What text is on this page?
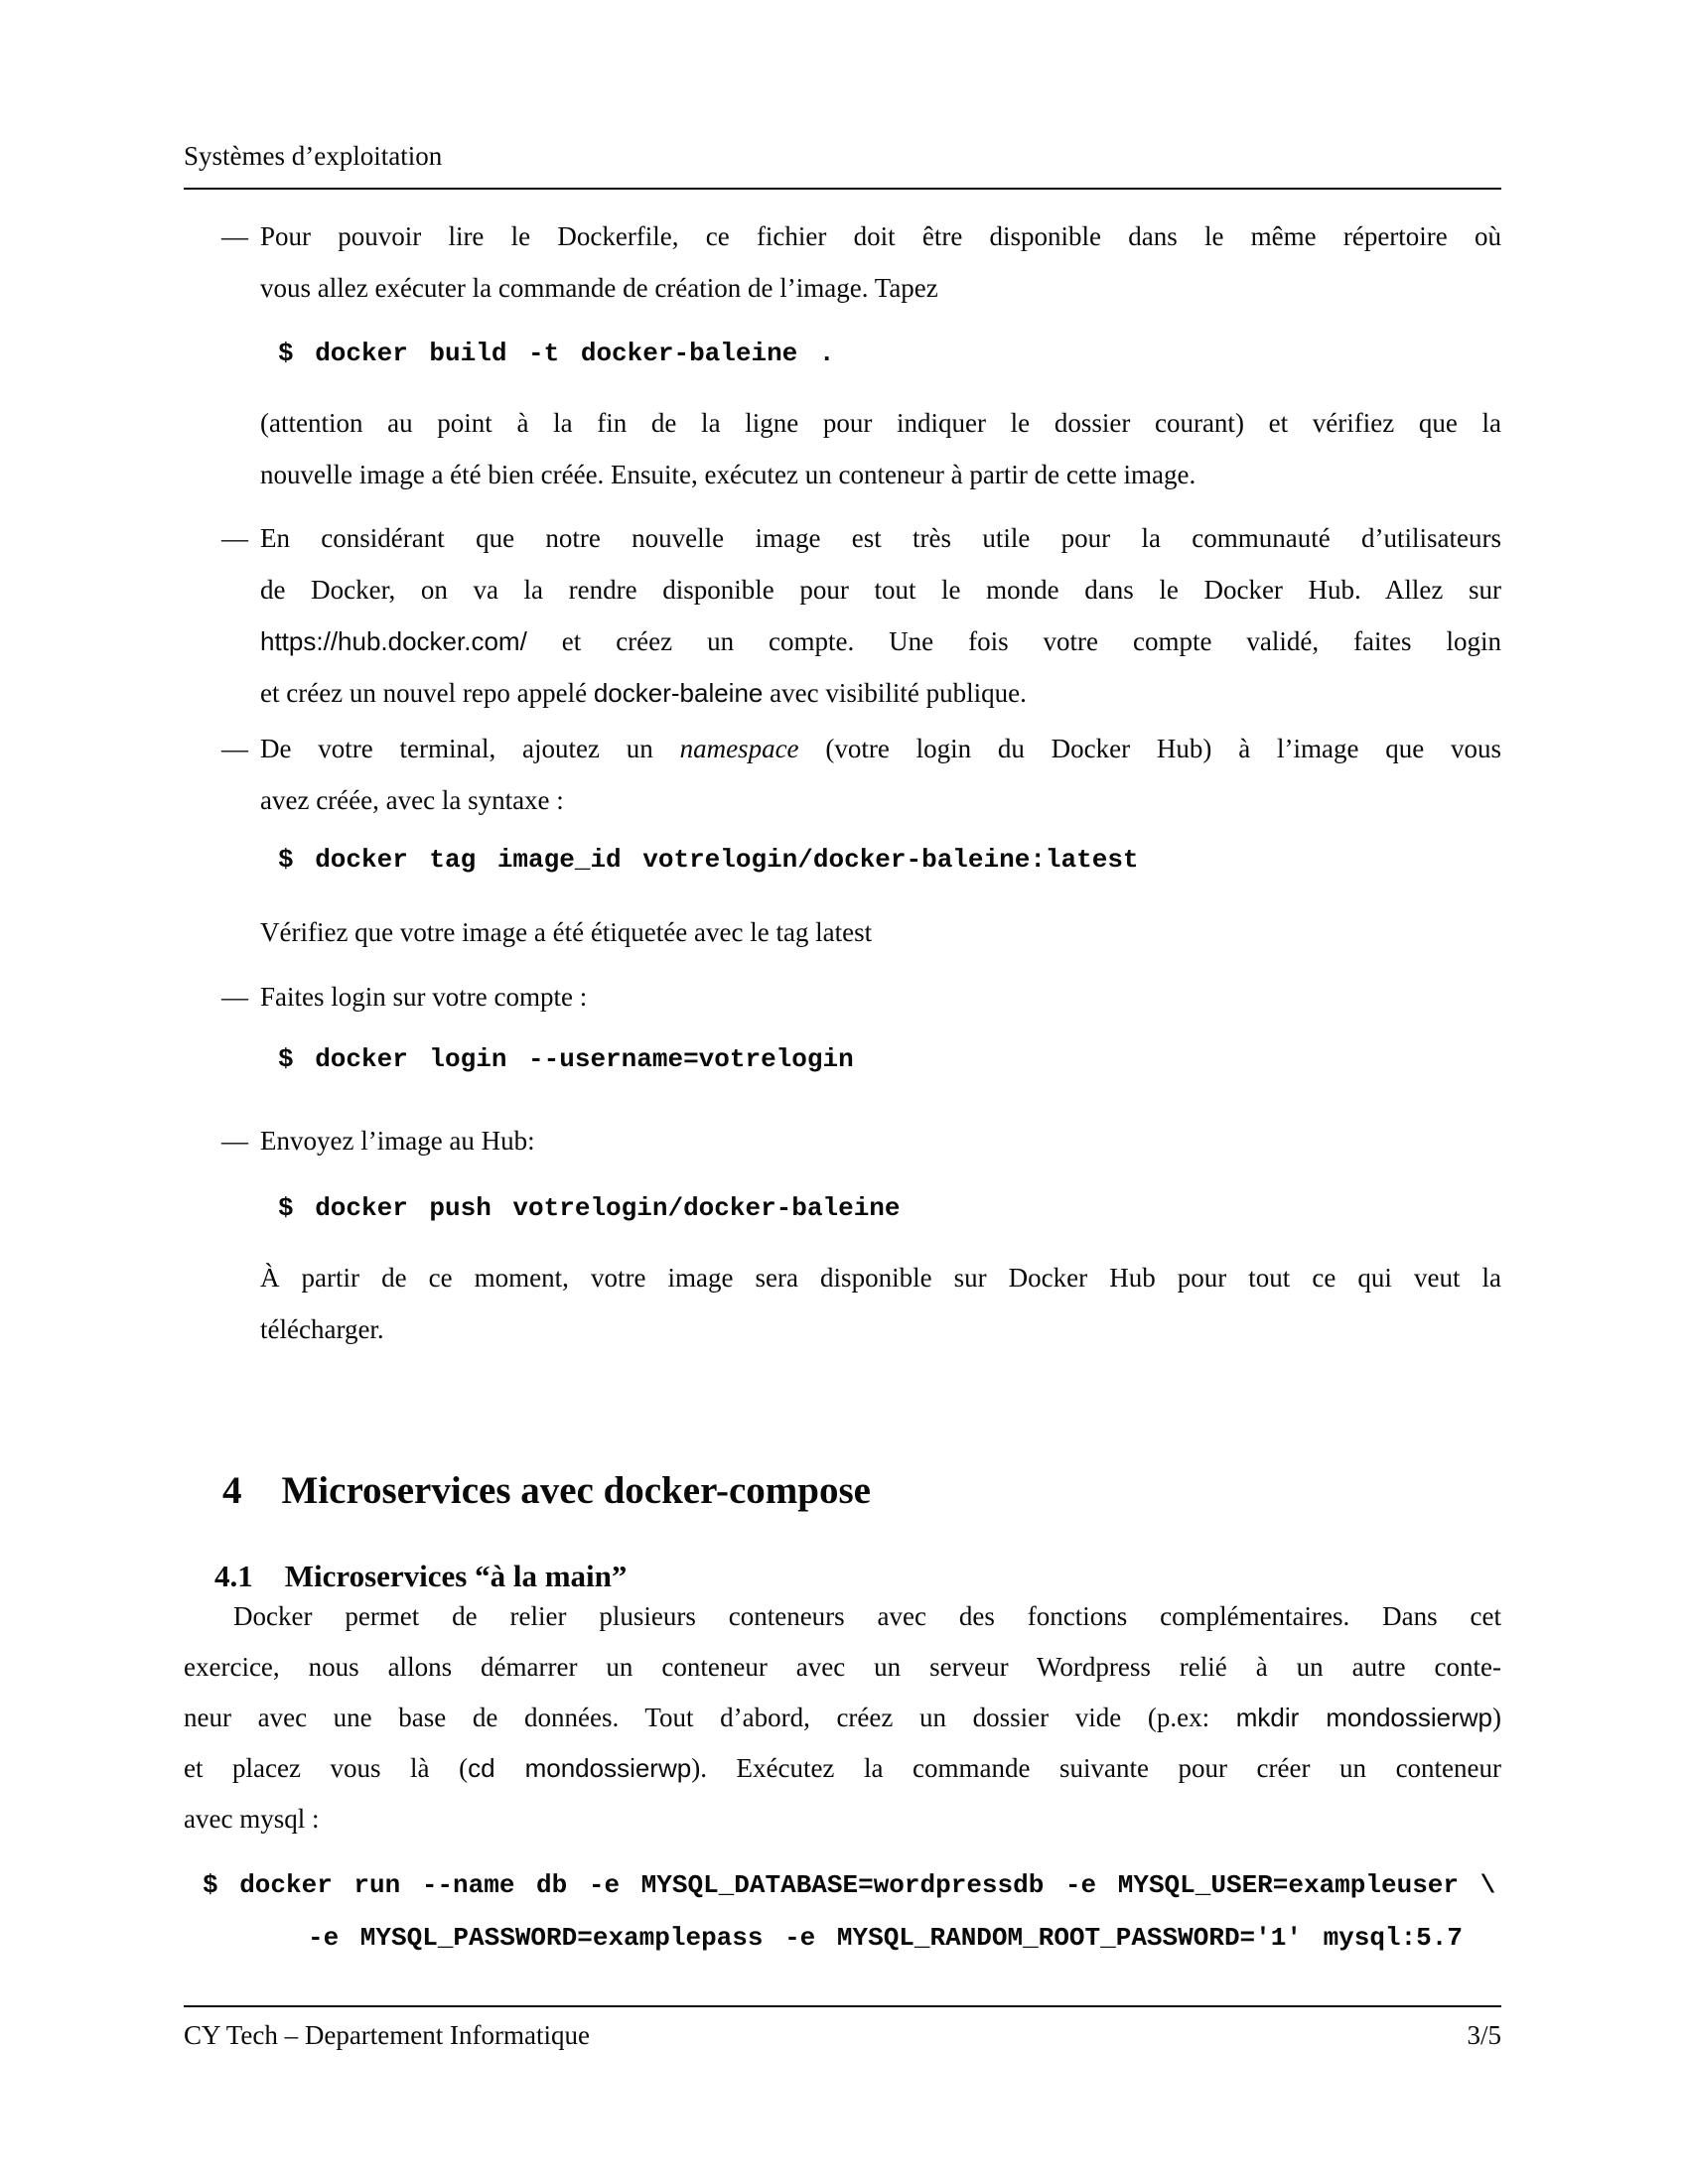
Systèmes d’exploitation
— Pour pouvoir lire le Dockerfile, ce fichier doit être disponible dans le même répertoire où
vous allez exécuter la commande de création de l’image. Tapez
$ docker build -t docker-baleine .
(attention au point à la fin de la ligne pour indiquer le dossier courant) et vérifiez que la
nouvelle image a été bien créée. Ensuite, exécutez un conteneur à partir de cette image.
— En considérant que notre nouvelle image est très utile pour la communauté d’utilisateurs
de Docker, on va la rendre disponible pour tout le monde dans le Docker Hub. Allez sur
https://hub.docker.com/ et créez un compte. Une fois votre compte validé, faites login
et créez un nouvel repo appelé docker-baleine avec visibilité publique.
— De votre terminal, ajoutez un namespace (votre login du Docker Hub) à l’image que vous
avez créée, avec la syntaxe :
$ docker tag image_id votrelogin/docker-baleine:latest
Vérifiez que votre image a été étiquetée avec le tag latest
— Faites login sur votre compte :
$ docker login --username=votrelogin
— Envoyez l’image au Hub:
$ docker push votrelogin/docker-baleine
À partir de ce moment, votre image sera disponible sur Docker Hub pour tout ce qui veut la
télécharger.

4 Microservices avec docker-compose

4.1 Microservices “à la main”

Docker permet de relier plusieurs conteneurs avec des fonctions complémentaires. Dans cet
exercice, nous allons démarrer un conteneur avec un serveur Wordpress relié à un autre conte-
neur avec une base de données. Tout d’abord, créez un dossier vide (p.ex: mkdir mondossierwp)
et placez vous là (cd mondossierwp). Exécutez la commande suivante pour créer un conteneur
avec mysql :
$ docker run --name db -e MYSQL_DATABASE=wordpressdb -e MYSQL_USER=exampleuser \
-e MYSQL_PASSWORD=examplepass -e MYSQL_RANDOM_ROOT_PASSWORD='1' mysql:5.7
CY Tech – Departement Informatique	3/5
